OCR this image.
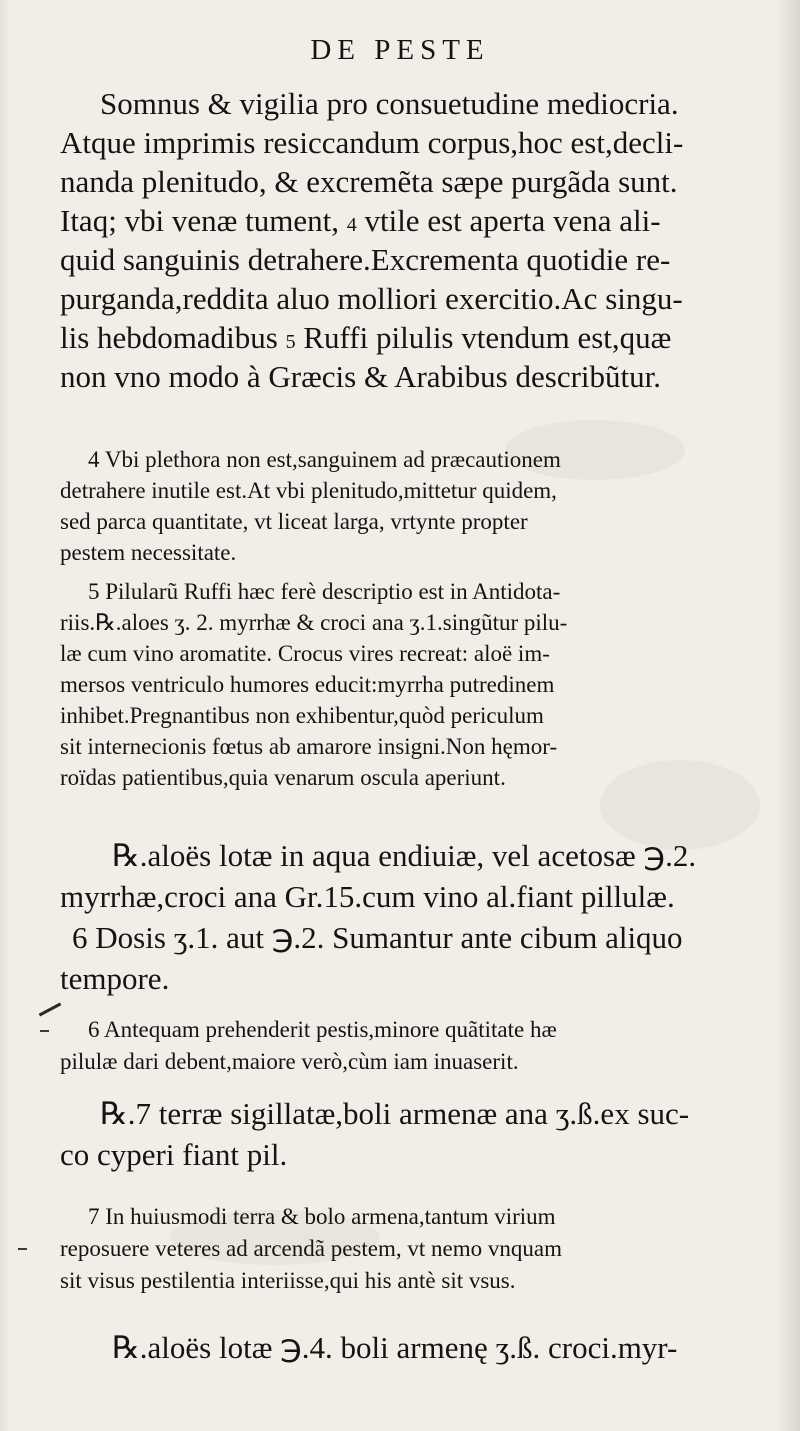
DE PESTE
Somnus & vigilia pro consuetudine mediocria.
Atque imprimis resiccandum corpus,hoc est,decli-
nanda plenitudo, & excremẽta sæpe purgãda sunt.
Itaq; vbi venæ tument, 4 vtile est aperta vena ali-
quid sanguinis detrahere.Excrementa quotidie re-
purganda,reddita aluo molliori exercitio.Ac singu-
lis hebdomadibus 5 Ruffi pilulis vtendum est,quæ
non vno modo à Græcis & Arabibus describũtur.
4 Vbi plethora non est,sanguinem ad præcautionem
detrahere inutile est.At vbi plenitudo,mittetur quidem,
sed parca quantitate, vt liceat larga, vrtynte propter
pestem necessitate.
5 Pilularũ Ruffi hæc ferè descriptio est in Antidota-
riis.℞.aloes ʒ. 2. myrrhæ & croci ana ʒ.1.singũtur pilu-
læ cum vino aromatite. Crocus vires recreat: aloë im-
mersos ventriculo humores educit:myrrha putredinem
inhibet.Pregnantibus non exhibentur,quòd periculum
sit internecionis fœtus ab amarore insigni.Non hęmor-
roïdas patientibus,quia venarum oscula aperiunt.
℞.aloës lotæ in aqua endiuiæ, vel acetosæ ℈.2.
myrrhæ,croci ana Gr.15.cum vino al.fiant pillulæ.
6 Dosis ʒ.1. aut ℈.2. Sumantur ante cibum aliquo
tempore.
6 Antequam prehenderit pestis,minore quãtitate hæ
pilulæ dari debent,maiore verò,cùm iam inuaserit.
℞.7 terræ sigillatæ,boli armenæ ana ʒ.ß.ex suc-
co cyperi fiant pil.
7 In huiusmodi terra & bolo armena,tantum virium
reposuere veteres ad arcendã pestem, vt nemo vnquam
sit visus pestilentia interiisse,qui his antè sit vsus.
℞.aloës lotæ ℈.4. boli armenę ʒ.ß. croci.myr-
